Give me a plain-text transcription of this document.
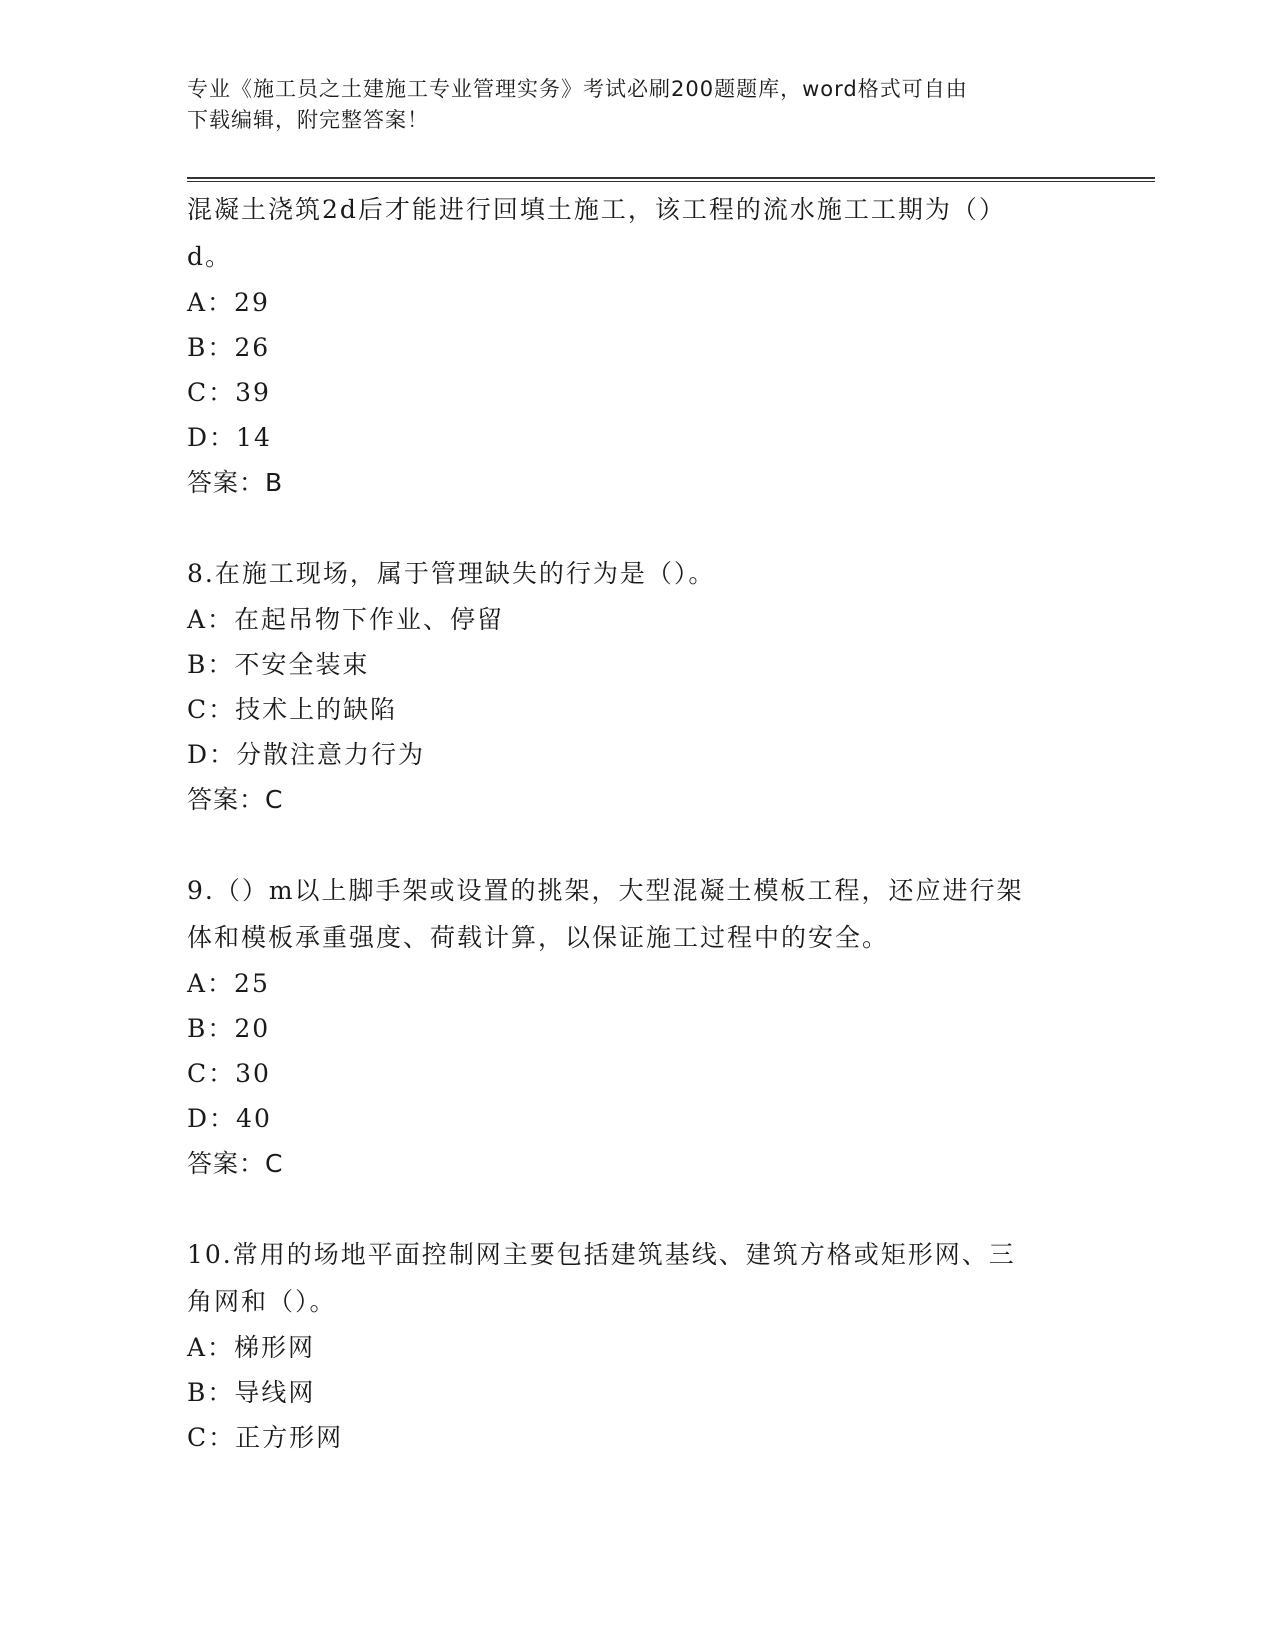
专业《施工员之土建施工专业管理实务》考试必刷200题题库，word格式可自由
下载编辑，附完整答案！

混凝土浇筑2d后才能进行回填土施工，该工程的流水施工工期为（）

d。

A：29

B：26

C：39

D：14

答案：B

8.在施工现场，属于管理缺失的行为是（）。

A：在起吊物下作业、停留

B：不安全装束

C：技术上的缺陷

D：分散注意力行为

答案：C

9.（）m以上脚手架或设置的挑架，大型混凝土模板工程，还应进行架

体和模板承重强度、荷载计算，以保证施工过程中的安全。

A：25

B：20

C：30

D：40

答案：C

10.常用的场地平面控制网主要包括建筑基线、建筑方格或矩形网、三

角网和（）。

A：梯形网

B：导线网

C：正方形网
